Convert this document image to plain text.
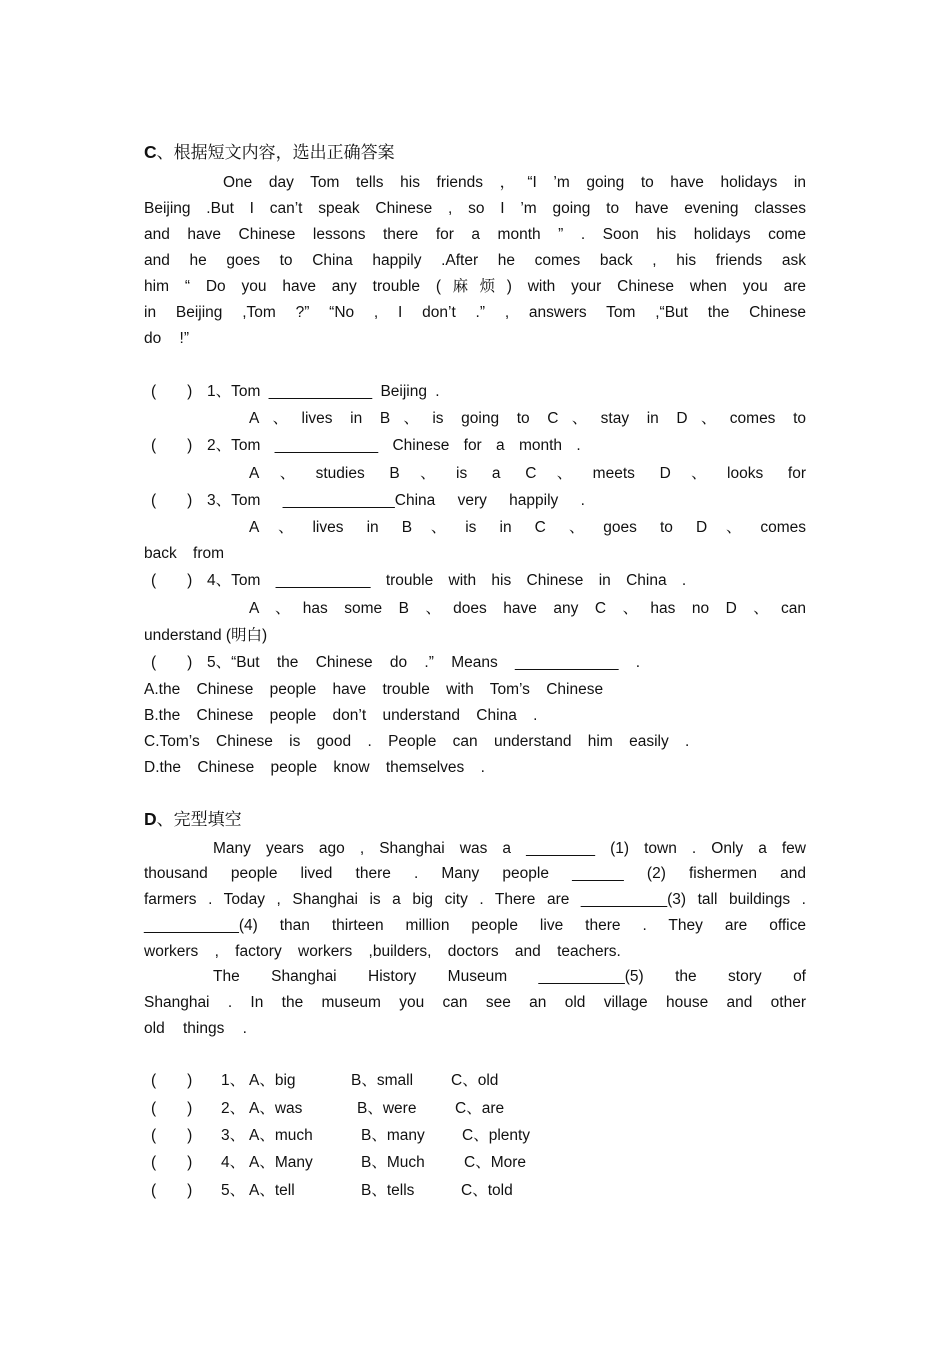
C、根据短文内容，选出正确答案
One day Tom tells his friends ，“I ’m going to have holidays in
Beijing .But I can’t speak Chinese , so I ’m going to have evening classes
and have Chinese lessons there for a month ” . Soon his holidays come
and he goes to China happily .After he comes back , his friends ask
him “ Do you have any trouble (麻烦) with your Chinese when you are
in Beijing ,Tom ?” “No , I don’t .” , answers Tom ,“But the Chinese
do !”
(　　) 1、Tom ____________ Beijing .
A、lives in B、is going to C、stay in D、comes to
(　　) 2、Tom ____________ Chinese for a month .
A、studies B、is a C、meets D、looks for
(　　) 3、Tom _____________China very happily .
A、lives in B、is in C 、goes to D、comes
back from
(　　) 4、Tom ___________ trouble with his Chinese in China .
A 、has some B 、does have any C 、has no D 、can
understand (明白)
(　　) 5、“But the Chinese do .” Means ____________ .
A.the Chinese people have trouble with Tom’s Chinese
B.the Chinese people don’t understand China .
C.Tom’s Chinese is good . People can understand him easily .
D.the Chinese people know themselves .
D、完型填空
Many years ago , Shanghai was a ________ (1) town . Only a few
thousand people lived there . Many people ______ (2) fishermen and
farmers . Today , Shanghai is a big city . There are __________(3) tall buildings .
___________(4) than thirteen million people live there . They are office
workers , factory workers ,builders, doctors and teachers.
The Shanghai History Museum __________(5) the story of
Shanghai . In the museum you can see an old village house and other
old things .
(　　) 1、 A、big	B、small C、old
(　　) 2、 A、was	B、were C、are
(　　) 3、 A、much	B、many C、plenty
(　　) 4、 A、Many	B、Much	C、More
(　　) 5、 A、tell	B、tells	C、told
